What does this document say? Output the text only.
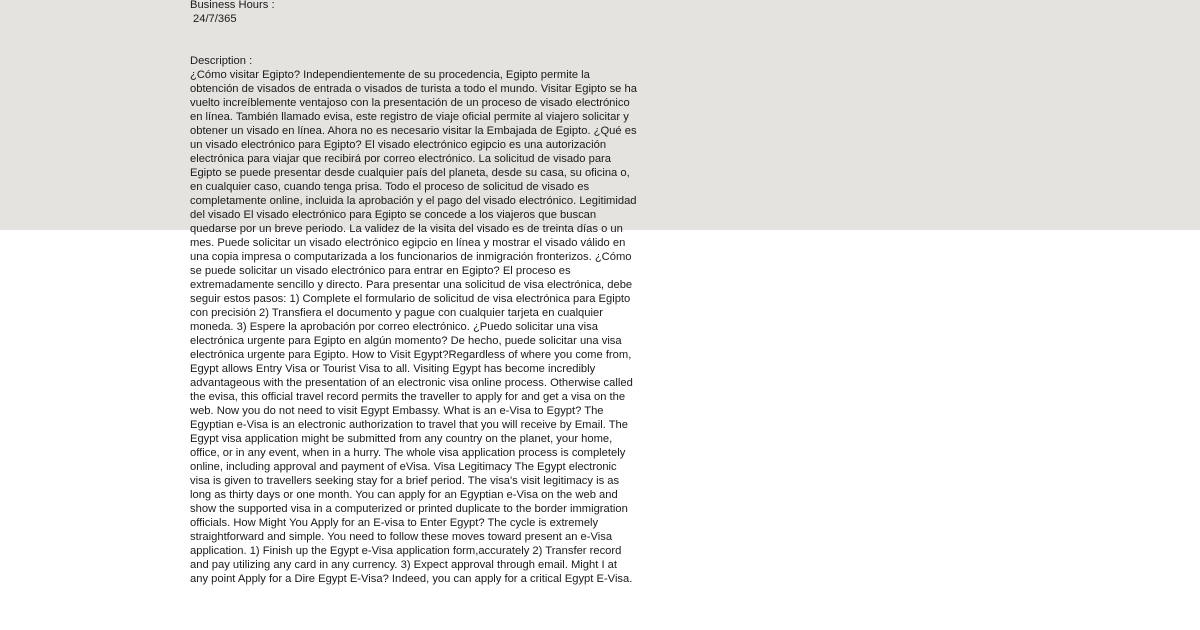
Business Hours :
24/7/365
Description :
¿Cómo visitar Egipto? Independientemente de su procedencia, Egipto permite la obtención de visados de entrada o visados de turista a todo el mundo. Visitar Egipto se ha vuelto increíblemente ventajoso con la presentación de un proceso de visado electrónico en línea. También llamado evisa, este registro de viaje oficial permite al viajero solicitar y obtener un visado en línea. Ahora no es necesario visitar la Embajada de Egipto. ¿Qué es un visado electrónico para Egipto? El visado electrónico egipcio es una autorización electrónica para viajar que recibirá por correo electrónico. La solicitud de visado para Egipto se puede presentar desde cualquier país del planeta, desde su casa, su oficina o, en cualquier caso, cuando tenga prisa. Todo el proceso de solicitud de visado es completamente online, incluida la aprobación y el pago del visado electrónico. Legitimidad del visado El visado electrónico para Egipto se concede a los viajeros que buscan quedarse por un breve periodo. La validez de la visita del visado es de treinta días o un mes. Puede solicitar un visado electrónico egipcio en línea y mostrar el visado válido en una copia impresa o computarizada a los funcionarios de inmigración fronterizos. ¿Cómo se puede solicitar un visado electrónico para entrar en Egipto? El proceso es extremadamente sencillo y directo. Para presentar una solicitud de visa electrónica, debe seguir estos pasos: 1) Complete el formulario de solicitud de visa electrónica para Egipto con precisión 2) Transfiera el documento y pague con cualquier tarjeta en cualquier moneda. 3) Espere la aprobación por correo electrónico. ¿Puedo solicitar una visa electrónica urgente para Egipto en algún momento? De hecho, puede solicitar una visa electrónica urgente para Egipto. How to Visit Egypt?Regardless of where you come from, Egypt allows Entry Visa or Tourist Visa to all. Visiting Egypt has become incredibly advantageous with the presentation of an electronic visa online process. Otherwise called the evisa, this official travel record permits the traveller to apply for and get a visa on the web. Now you do not need to visit Egypt Embassy. What is an e-Visa to Egypt? The Egyptian e-Visa is an electronic authorization to travel that you will receive by Email. The Egypt visa application might be submitted from any country on the planet, your home, office, or in any event, when in a hurry. The whole visa application process is completely online, including approval and payment of eVisa. Visa Legitimacy The Egypt electronic visa is given to travellers seeking stay for a brief period. The visa's visit legitimacy is as long as thirty days or one month. You can apply for an Egyptian e-Visa on the web and show the supported visa in a computerized or printed duplicate to the border immigration officials. How Might You Apply for an E-visa to Enter Egypt? The cycle is extremely straightforward and simple. You need to follow these moves toward present an e-Visa application. 1) Finish up the Egypt e-Visa application form,accurately 2) Transfer record and pay utilizing any card in any currency. 3) Expect approval through email. Might I at any point Apply for a Dire Egypt E-Visa? Indeed, you can apply for a critical Egypt E-Visa.
